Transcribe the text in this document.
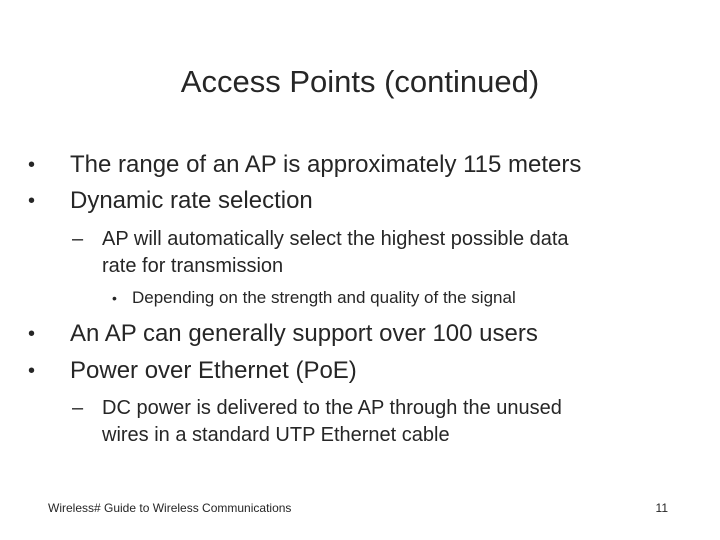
Access Points (continued)
• The range of an AP is approximately 115 meters
• Dynamic rate selection
– AP will automatically select the highest possible data
rate for transmission
• Depending on the strength and quality of the signal
• An AP can generally support over 100 users
• Power over Ethernet (PoE)
– DC power is delivered to the AP through the unused
wires in a standard UTP Ethernet cable
Wireless# Guide to Wireless Communications	11
